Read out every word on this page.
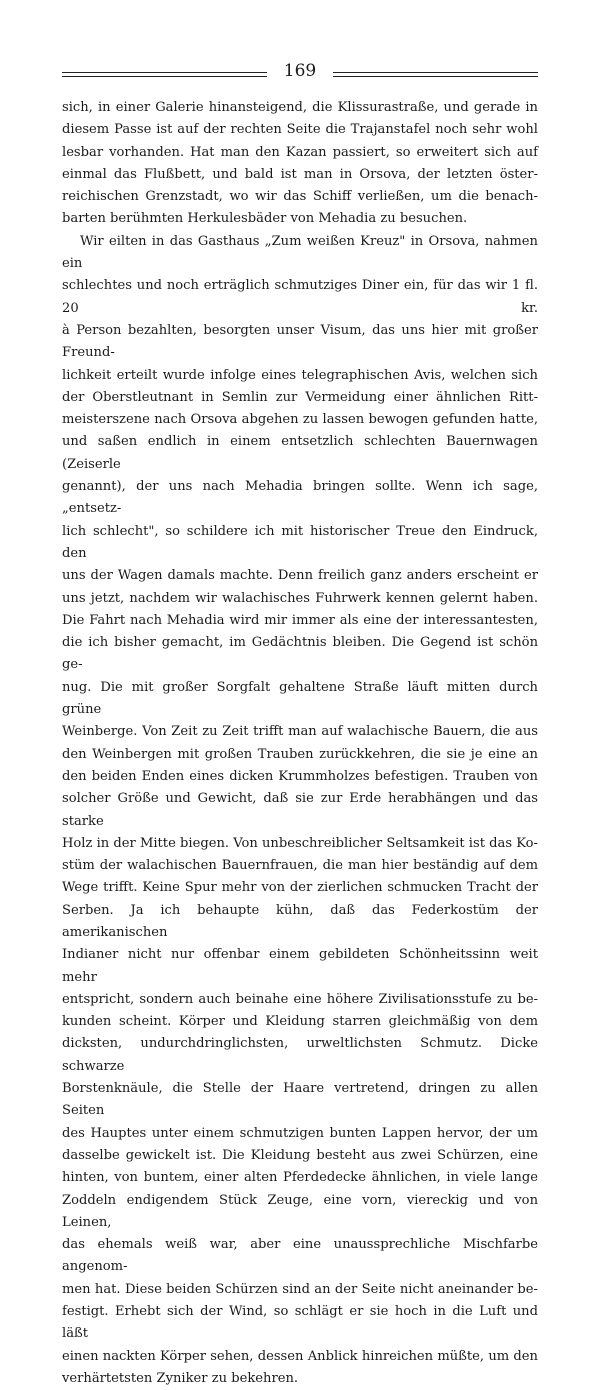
169

sich, in einer Galerie hinansteigend, die Klissurastraße, und gerade in

diesem Passe ist auf der rechten Seite die Trajanstafel noch sehr wohl

lesbar vorhanden. Hat man den Kazan passiert, so erweitert sich auf

einmal das Flußbett, und bald ist man in Orsova, der letzten öster-

reichischen Grenzstadt, wo wir das Schiff verließen, um die benach-

barten berühmten Herkulesbäder von Mehadia zu besuchen.

Wir eilten in das Gasthaus „Zum weißen Kreuz" in Orsova, nahmen ein

schlechtes und noch erträglich schmutziges Diner ein, für das wir 1 fl. 20 kr.

à Person bezahlten, besorgten unser Visum, das uns hier mit großer Freund-

lichkeit erteilt wurde infolge eines telegraphischen Avis, welchen sich

der Oberstleutnant in Semlin zur Vermeidung einer ähnlichen Ritt-

meisterszene nach Orsova abgehen zu lassen bewogen gefunden hatte,

und saßen endlich in einem entsetzlich schlechten Bauernwagen (Zeiserle

genannt), der uns nach Mehadia bringen sollte. Wenn ich sage, „entsetz-

lich schlecht", so schildere ich mit historischer Treue den Eindruck, den

uns der Wagen damals machte. Denn freilich ganz anders erscheint er

uns jetzt, nachdem wir walachisches Fuhrwerk kennen gelernt haben.

Die Fahrt nach Mehadia wird mir immer als eine der interessantesten,

die ich bisher gemacht, im Gedächtnis bleiben. Die Gegend ist schön ge-

nug. Die mit großer Sorgfalt gehaltene Straße läuft mitten durch grüne

Weinberge. Von Zeit zu Zeit trifft man auf walachische Bauern, die aus

den Weinbergen mit großen Trauben zurückkehren, die sie je eine an

den beiden Enden eines dicken Krummholzes befestigen. Trauben von

solcher Größe und Gewicht, daß sie zur Erde herabhängen und das starke

Holz in der Mitte biegen. Von unbeschreiblicher Seltsamkeit ist das Ko-

stüm der walachischen Bauernfrauen, die man hier beständig auf dem

Wege trifft. Keine Spur mehr von der zierlichen schmucken Tracht der

Serben. Ja ich behaupte kühn, daß das Federkostüm der amerikanischen

Indianer nicht nur offenbar einem gebildeten Schönheitssinn weit mehr

entspricht, sondern auch beinahe eine höhere Zivilisationsstufe zu be-

kunden scheint. Körper und Kleidung starren gleichmäßig von dem

dicksten, undurchdringlichsten, urweltlichsten Schmutz. Dicke schwarze

Borstenknäule, die Stelle der Haare vertretend, dringen zu allen Seiten

des Hauptes unter einem schmutzigen bunten Lappen hervor, der um

dasselbe gewickelt ist. Die Kleidung besteht aus zwei Schürzen, eine

hinten, von buntem, einer alten Pferdedecke ähnlichen, in viele lange

Zoddeln endigendem Stück Zeuge, eine vorn, viereckig und von Leinen,

das ehemals weiß war, aber eine unaussprechliche Mischfarbe angenom-

men hat. Diese beiden Schürzen sind an der Seite nicht aneinander be-

festigt. Erhebt sich der Wind, so schlägt er sie hoch in die Luft und läßt

einen nackten Körper sehen, dessen Anblick hinreichen müßte, um den

verhärtetsten Zyniker zu bekehren.
